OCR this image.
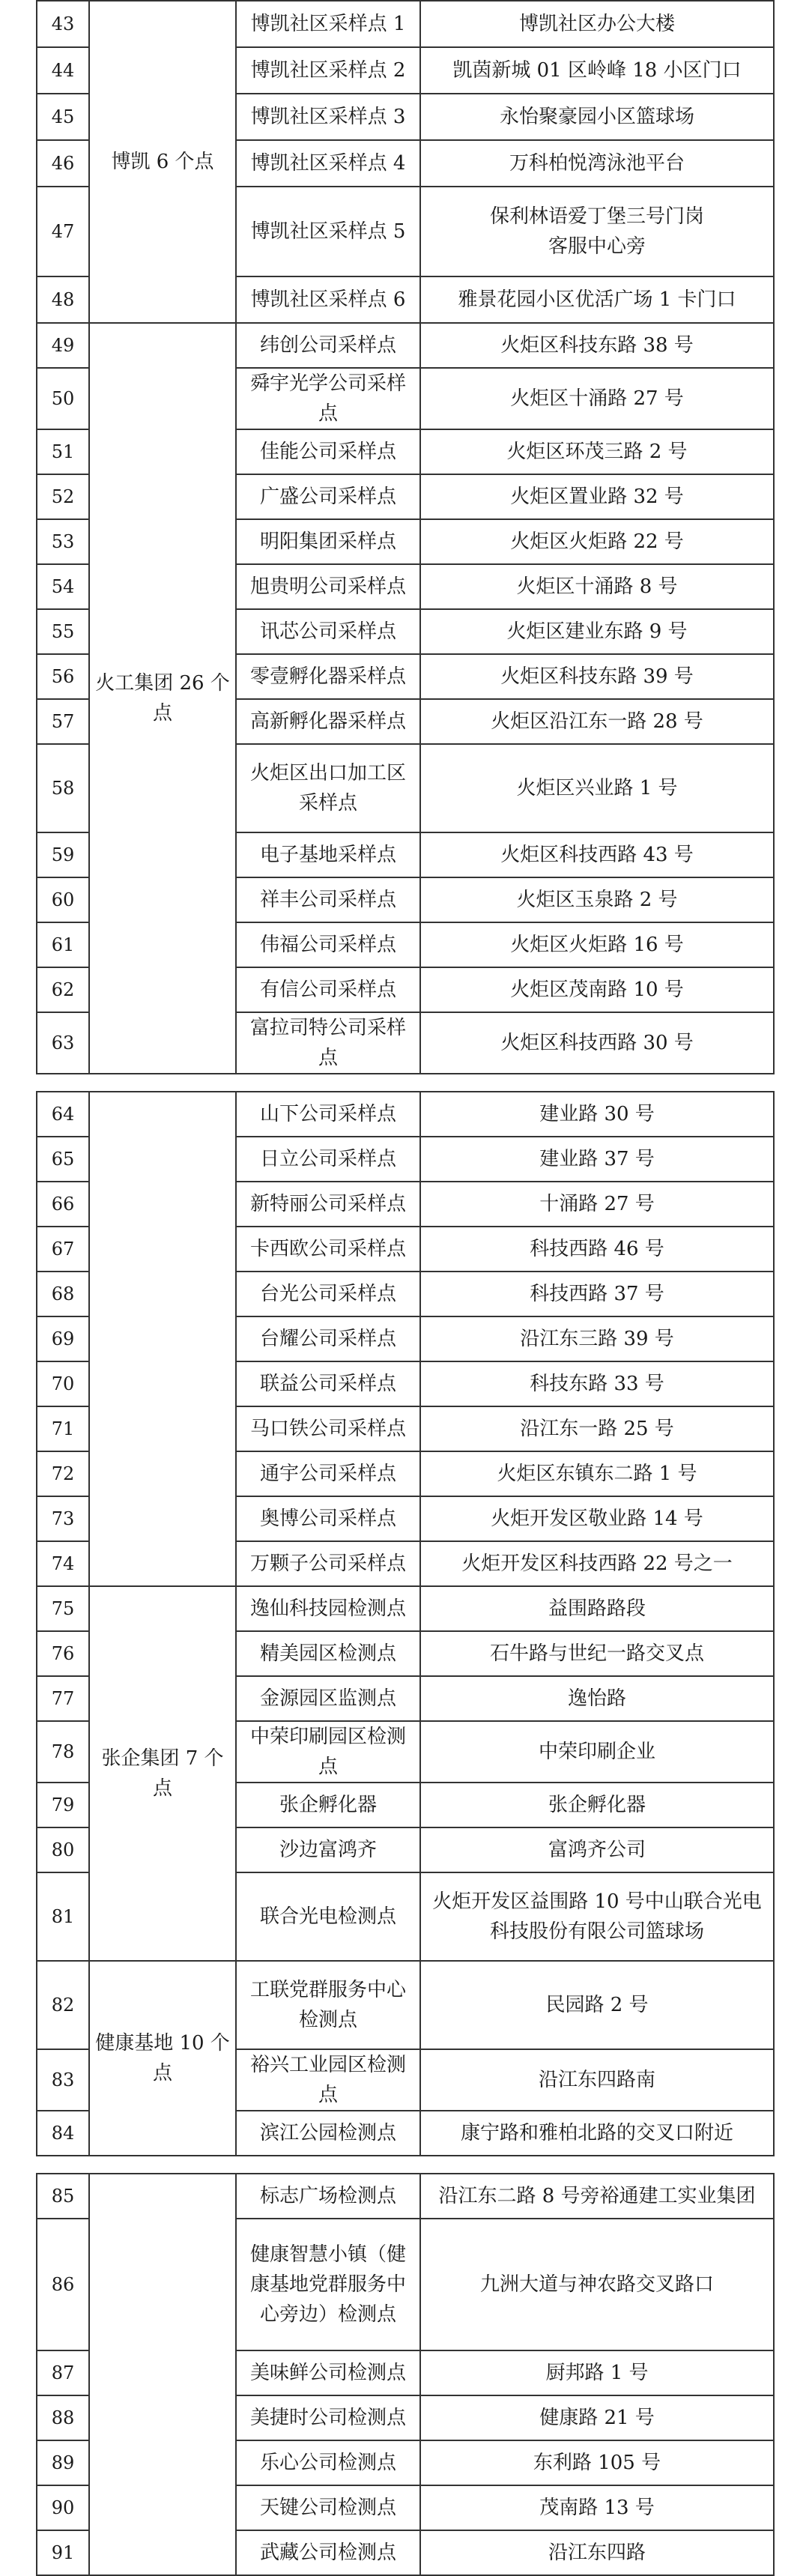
43	博凯 6 个点	博凯社区采样点 1	博凯社区办公大楼
44		博凯社区采样点 2	凯茵新城 01 区岭峰 18 小区门口
45		博凯社区采样点 3	永怡聚豪园小区篮球场
46		博凯社区采样点 4	万科柏悦湾泳池平台
47		博凯社区采样点 5	保利林语爱丁堡三号门岗客服中心旁
48		博凯社区采样点 6	雅景花园小区优活广场 1 卡门口
49	火工集团 26 个点	纬创公司采样点	火炬区科技东路 38 号
50		舜宇光学公司采样点	火炬区十涌路 27 号
51		佳能公司采样点	火炬区环茂三路 2 号
52		广盛公司采样点	火炬区置业路 32 号
53		明阳集团采样点	火炬区火炬路 22 号
54		旭贵明公司采样点	火炬区十涌路 8 号
55		讯芯公司采样点	火炬区建业东路 9 号
56		零壹孵化器采样点	火炬区科技东路 39 号
57		高新孵化器采样点	火炬区沿江东一路 28 号
58		火炬区出口加工区采样点	火炬区兴业路 1 号
59		电子基地采样点	火炬区科技西路 43 号
60		祥丰公司采样点	火炬区玉泉路 2 号
61		伟福公司采样点	火炬区火炬路 16 号
62		有信公司采样点	火炬区茂南路 10 号
63		富拉司特公司采样点	火炬区科技西路 30 号
64		山下公司采样点	建业路 30 号
65		日立公司采样点	建业路 37 号
66		新特丽公司采样点	十涌路 27 号
67		卡西欧公司采样点	科技西路 46 号
68		台光公司采样点	科技西路 37 号
69		台耀公司采样点	沿江东三路 39 号
70		联益公司采样点	科技东路 33 号
71		马口铁公司采样点	沿江东一路 25 号
72		通宇公司采样点	火炬区东镇东二路 1 号
73		奥博公司采样点	火炬开发区敬业路 14 号
74		万颗子公司采样点	火炬开发区科技西路 22 号之一
75	张企集团 7 个点	逸仙科技园检测点	益围路路段
76		精美园区检测点	石牛路与世纪一路交叉点
77		金源园区监测点	逸怡路
78		中荣印刷园区检测点	中荣印刷企业
79		张企孵化器	张企孵化器
80		沙边富鸿齐	富鸿齐公司
81		联合光电检测点	火炬开发区益围路 10 号中山联合光电科技股份有限公司篮球场
82	健康基地 10 个点	工联党群服务中心检测点	民园路 2 号
83		裕兴工业园区检测点	沿江东四路南
84		滨江公园检测点	康宁路和雅柏北路的交叉口附近
85		标志广场检测点	沿江东二路 8 号旁裕通建工实业集团
86		健康智慧小镇（健康基地党群服务中心旁边）检测点	九洲大道与神农路交叉路口
87		美味鲜公司检测点	厨邦路 1 号
88		美捷时公司检测点	健康路 21 号
89		乐心公司检测点	东利路 105 号
90		天键公司检测点	茂南路 13 号
91		武藏公司检测点	沿江东四路
